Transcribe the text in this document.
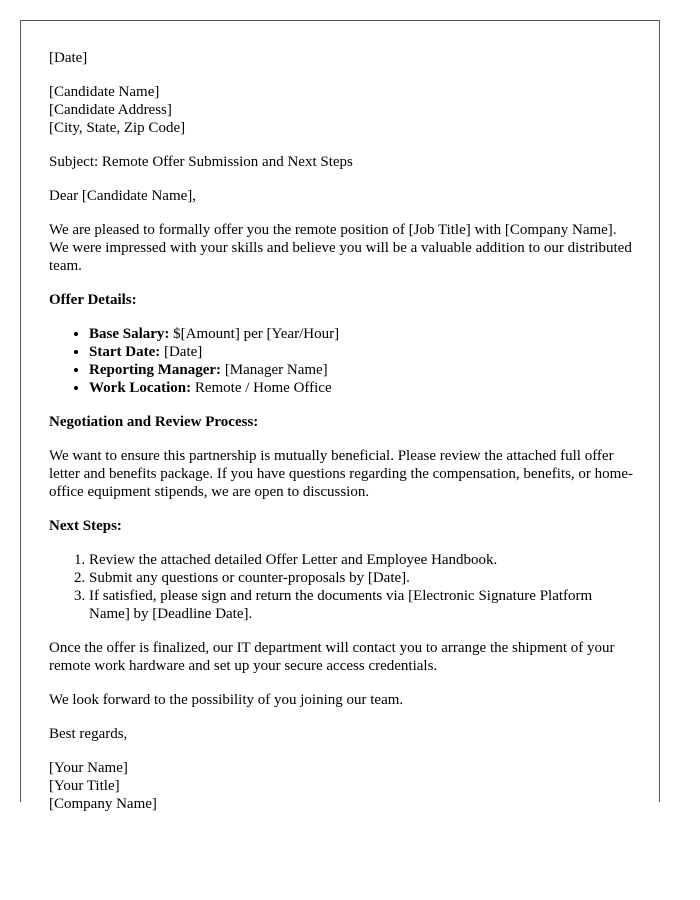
[Date]

[Candidate Name]
[Candidate Address]
[City, State, Zip Code]

Subject: Remote Offer Submission and Next Steps

Dear [Candidate Name],

We are pleased to formally offer you the remote position of [Job Title] with [Company Name]. We were impressed with your skills and believe you will be a valuable addition to our distributed team.

Offer Details:

• Base Salary: $[Amount] per [Year/Hour]
• Start Date: [Date]
• Reporting Manager: [Manager Name]
• Work Location: Remote / Home Office

Negotiation and Review Process:

We want to ensure this partnership is mutually beneficial. Please review the attached full offer letter and benefits package. If you have questions regarding the compensation, benefits, or home-office equipment stipends, we are open to discussion.

Next Steps:

1. Review the attached detailed Offer Letter and Employee Handbook.
2. Submit any questions or counter-proposals by [Date].
3. If satisfied, please sign and return the documents via [Electronic Signature Platform Name] by [Deadline Date].

Once the offer is finalized, our IT department will contact you to arrange the shipment of your remote work hardware and set up your secure access credentials.

We look forward to the possibility of you joining our team.

Best regards,

[Your Name]
[Your Title]
[Company Name]
